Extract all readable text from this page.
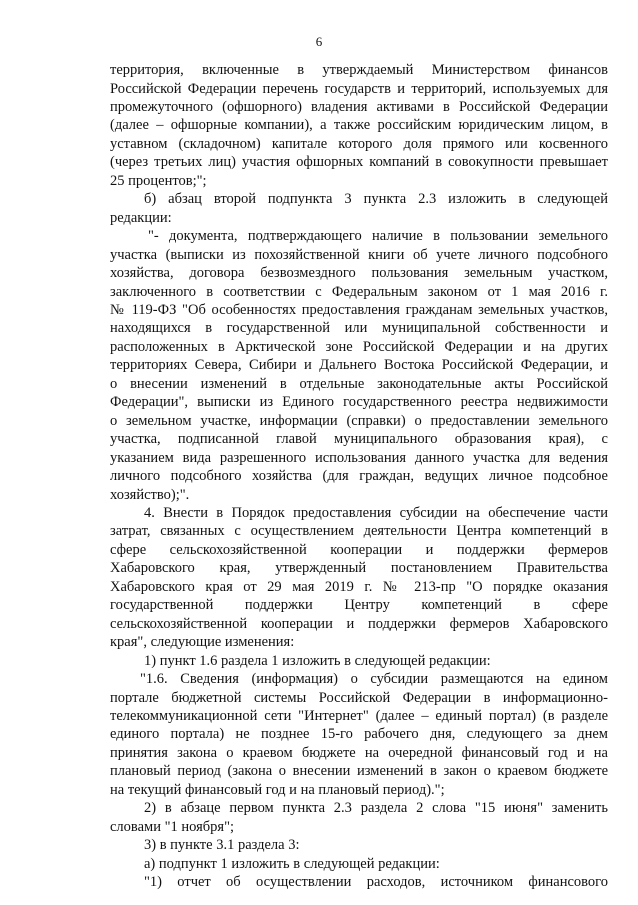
6
территория, включенные в утверждаемый Министерством финансов
Российской Федерации перечень государств и территорий, используемых для
промежуточного (офшорного) владения активами в Российской Федерации
(далее – офшорные компании), а также российским юридическим лицом, в
уставном (складочном) капитале которого доля прямого или косвенного
(через третьих лиц) участия офшорных компаний в совокупности превышает
25 процентов;";
б) абзац второй подпункта 3 пункта 2.3 изложить в следующей
редакции:
"- документа, подтверждающего наличие в пользовании земельного
участка (выписки из похозяйственной книги об учете личного подсобного
хозяйства, договора безвозмездного пользования земельным участком,
заключенного в соответствии с Федеральным законом от 1 мая 2016 г.
№ 119-ФЗ "Об особенностях предоставления гражданам земельных участков,
находящихся в государственной или муниципальной собственности и
расположенных в Арктической зоне Российской Федерации и на других
территориях Севера, Сибири и Дальнего Востока Российской Федерации, и
о внесении изменений в отдельные законодательные акты Российской
Федерации", выписки из Единого государственного реестра недвижимости
о земельном участке, информации (справки) о предоставлении земельного
участка, подписанной главой муниципального образования края), с
указанием вида разрешенного использования данного участка для ведения
личного подсобного хозяйства (для граждан, ведущих личное подсобное
хозяйство);".
4. Внести в Порядок предоставления субсидии на обеспечение части
затрат, связанных с осуществлением деятельности Центра компетенций в
сфере сельскохозяйственной кооперации и поддержки фермеров
Хабаровского края, утвержденный постановлением Правительства
Хабаровского края от 29 мая 2019 г. № 213-пр "О порядке оказания
государственной поддержки Центру компетенций в сфере
сельскохозяйственной кооперации и поддержки фермеров Хабаровского
края", следующие изменения:
1) пункт 1.6 раздела 1 изложить в следующей редакции:
"1.6. Сведения (информация) о субсидии размещаются на едином
портале бюджетной системы Российской Федерации в информационно-
телекоммуникационной сети "Интернет" (далее – единый портал) (в разделе
единого портала) не позднее 15-го рабочего дня, следующего за днем
принятия закона о краевом бюджете на очередной финансовый год и на
плановый период (закона о внесении изменений в закон о краевом бюджете
на текущий финансовый год и на плановый период).";
2) в абзаце первом пункта 2.3 раздела 2 слова "15 июня" заменить
словами "1 ноября";
3) в пункте 3.1 раздела 3:
а) подпункт 1 изложить в следующей редакции:
"1) отчет об осуществлении расходов, источником финансового
